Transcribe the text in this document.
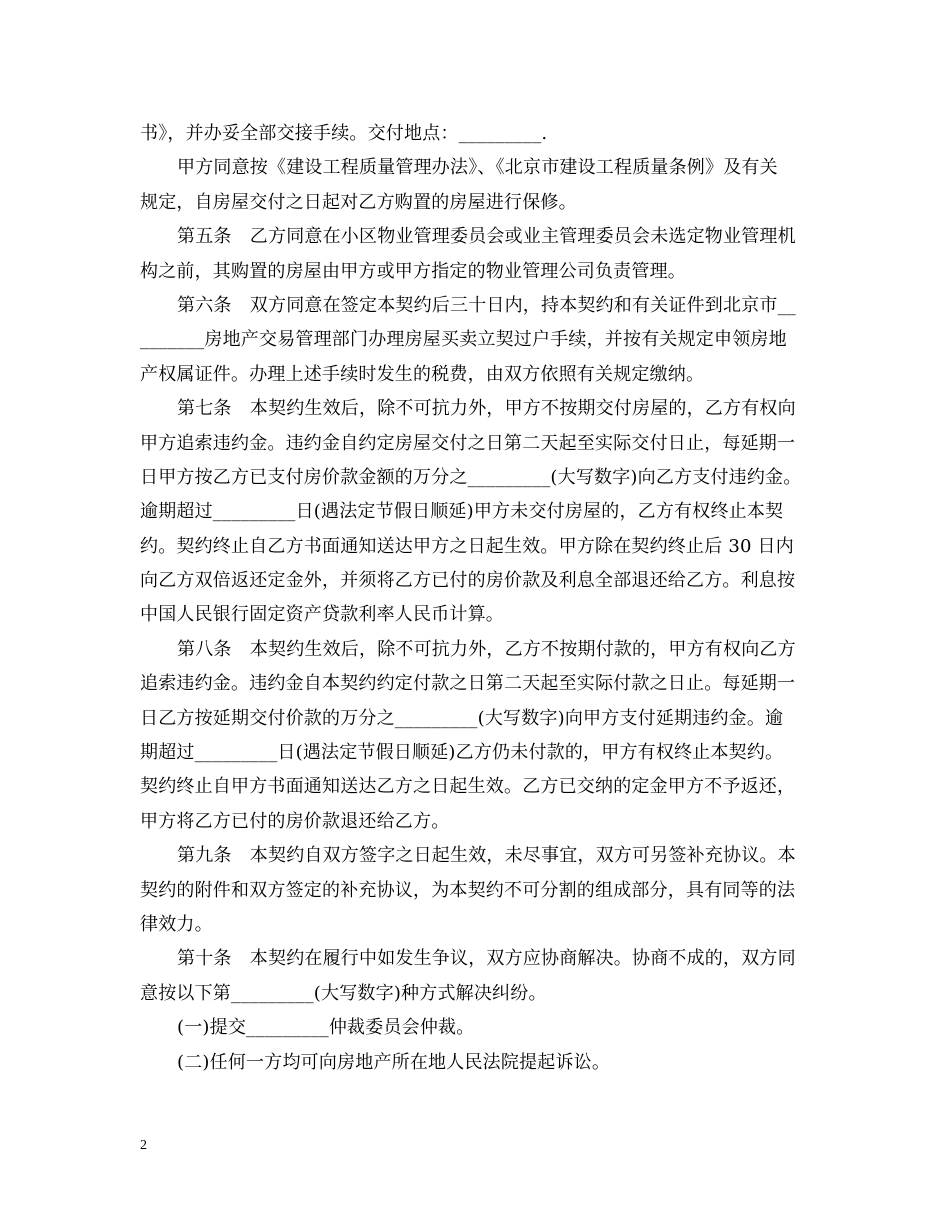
书》，并办妥全部交接手续。交付地点：_________.
甲方同意按《建设工程质量管理办法》、《北京市建设工程质量条例》及有关
规定，自房屋交付之日起对乙方购置的房屋进行保修。
第五条　乙方同意在小区物业管理委员会或业主管理委员会未选定物业管理机
构之前，其购置的房屋由甲方或甲方指定的物业管理公司负责管理。
第六条　双方同意在签定本契约后三十日内，持本契约和有关证件到北京市__
_______房地产交易管理部门办理房屋买卖立契过户手续，并按有关规定申领房地
产权属证件。办理上述手续时发生的税费，由双方依照有关规定缴纳。
第七条　本契约生效后，除不可抗力外，甲方不按期交付房屋的，乙方有权向
甲方追索违约金。违约金自约定房屋交付之日第二天起至实际交付日止，每延期一
日甲方按乙方已支付房价款金额的万分之_________(大写数字)向乙方支付违约金。
逾期超过_________日(遇法定节假日顺延)甲方未交付房屋的，乙方有权终止本契
约。契约终止自乙方书面通知送达甲方之日起生效。甲方除在契约终止后 30 日内
向乙方双倍返还定金外，并须将乙方已付的房价款及利息全部退还给乙方。利息按
中国人民银行固定资产贷款利率人民币计算。
第八条　本契约生效后，除不可抗力外，乙方不按期付款的，甲方有权向乙方
追索违约金。违约金自本契约约定付款之日第二天起至实际付款之日止。每延期一
日乙方按延期交付价款的万分之_________(大写数字)向甲方支付延期违约金。逾
期超过_________日(遇法定节假日顺延)乙方仍未付款的，甲方有权终止本契约。
契约终止自甲方书面通知送达乙方之日起生效。乙方已交纳的定金甲方不予返还，
甲方将乙方已付的房价款退还给乙方。
第九条　本契约自双方签字之日起生效，未尽事宜，双方可另签补充协议。本
契约的附件和双方签定的补充协议，为本契约不可分割的组成部分，具有同等的法
律效力。
第十条　本契约在履行中如发生争议，双方应协商解决。协商不成的，双方同
意按以下第_________(大写数字)种方式解决纠纷。
(一)提交_________仲裁委员会仲裁。
(二)任何一方均可向房地产所在地人民法院提起诉讼。
2
